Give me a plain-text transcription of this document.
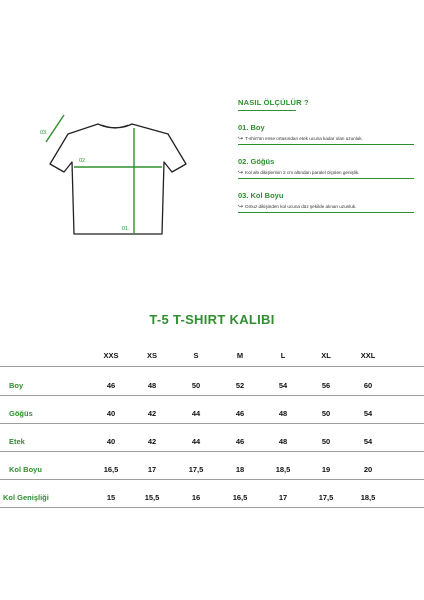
03.
02.
01.
NASIL ÖLÇÜLÜR ?
01. Boy
↪ T-shirt'ün ense ortasından etek ucuna kadar olan uzunluk.
02. Göğüs
↪ Kol altı dikişlerinin 2 cm altından paralel ölçülen genişlik.
03. Kol Boyu
↪ Omuz dikişinden kol ucuna düz şekilde alınan uzunluk.
T-5 T-SHIRT KALIBI
XXS	XS	S	M	L	XL	XXL
Boy	46	48	50	52	54	56	60
Göğüs	40	42	44	46	48	50	54
Etek	40	42	44	46	48	50	54
Kol Boyu	16,5	17	17,5	18	18,5	19	20
Kol Genişliği	15	15,5	16	16,5	17	17,5	18,5
